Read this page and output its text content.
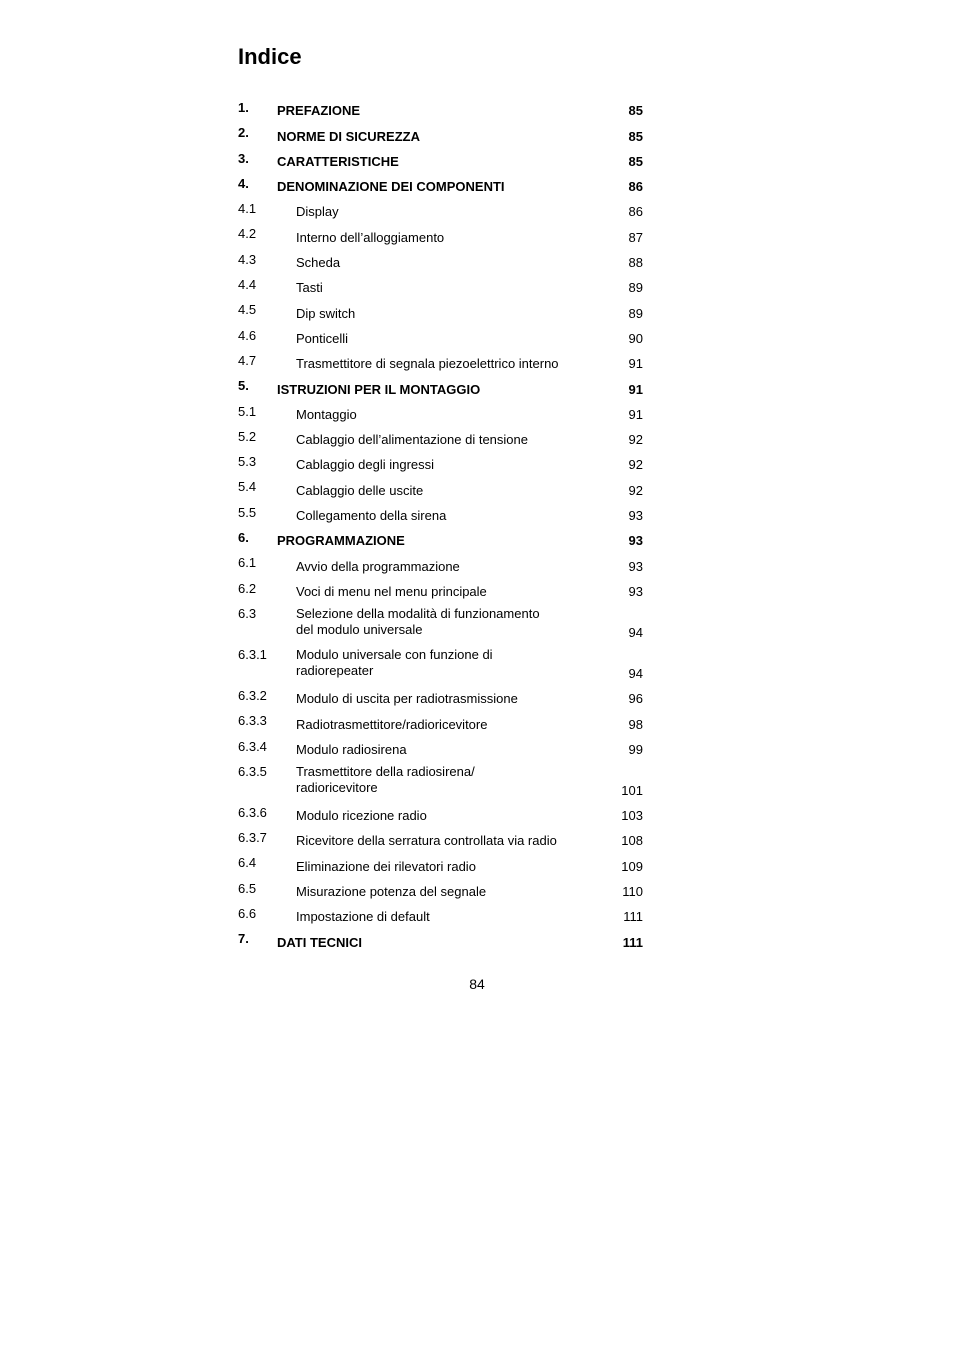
Indice
1.	PREFAZIONE	85
2.	NORME DI SICUREZZA	85
3.	CARATTERISTICHE	85
4.	DENOMINAZIONE DEI COMPONENTI	86
4.1	Display	86
4.2	Interno dell’alloggiamento	87
4.3	Scheda	88
4.4	Tasti	89
4.5	Dip switch	89
4.6	Ponticelli	90
4.7	Trasmettitore di segnala piezoelettrico interno	91
5.	ISTRUZIONI PER IL MONTAGGIO	91
5.1	Montaggio	91
5.2	Cablaggio dell’alimentazione di tensione	92
5.3	Cablaggio degli ingressi	92
5.4	Cablaggio delle uscite	92
5.5	Collegamento della sirena	93
6.	PROGRAMMAZIONE	93
6.1	Avvio della programmazione	93
6.2	Voci di menu nel menu principale	93
6.3	Selezione della modalità di funzionamento
del modulo universale	94
6.3.1	Modulo universale con funzione di
radiorepeater	94
6.3.2	Modulo di uscita per radiotrasmissione	96
6.3.3	Radiotrasmettitore/radioricevitore	98
6.3.4	Modulo radiosirena	99
6.3.5	Trasmettitore della radiosirena/
radioricevitore	101
6.3.6	Modulo ricezione radio	103
6.3.7	Ricevitore della serratura controllata via radio	108
6.4	Eliminazione dei rilevatori radio	109
6.5	Misurazione potenza del segnale	110
6.6	Impostazione di default	111
7.	DATI TECNICI	111
84
